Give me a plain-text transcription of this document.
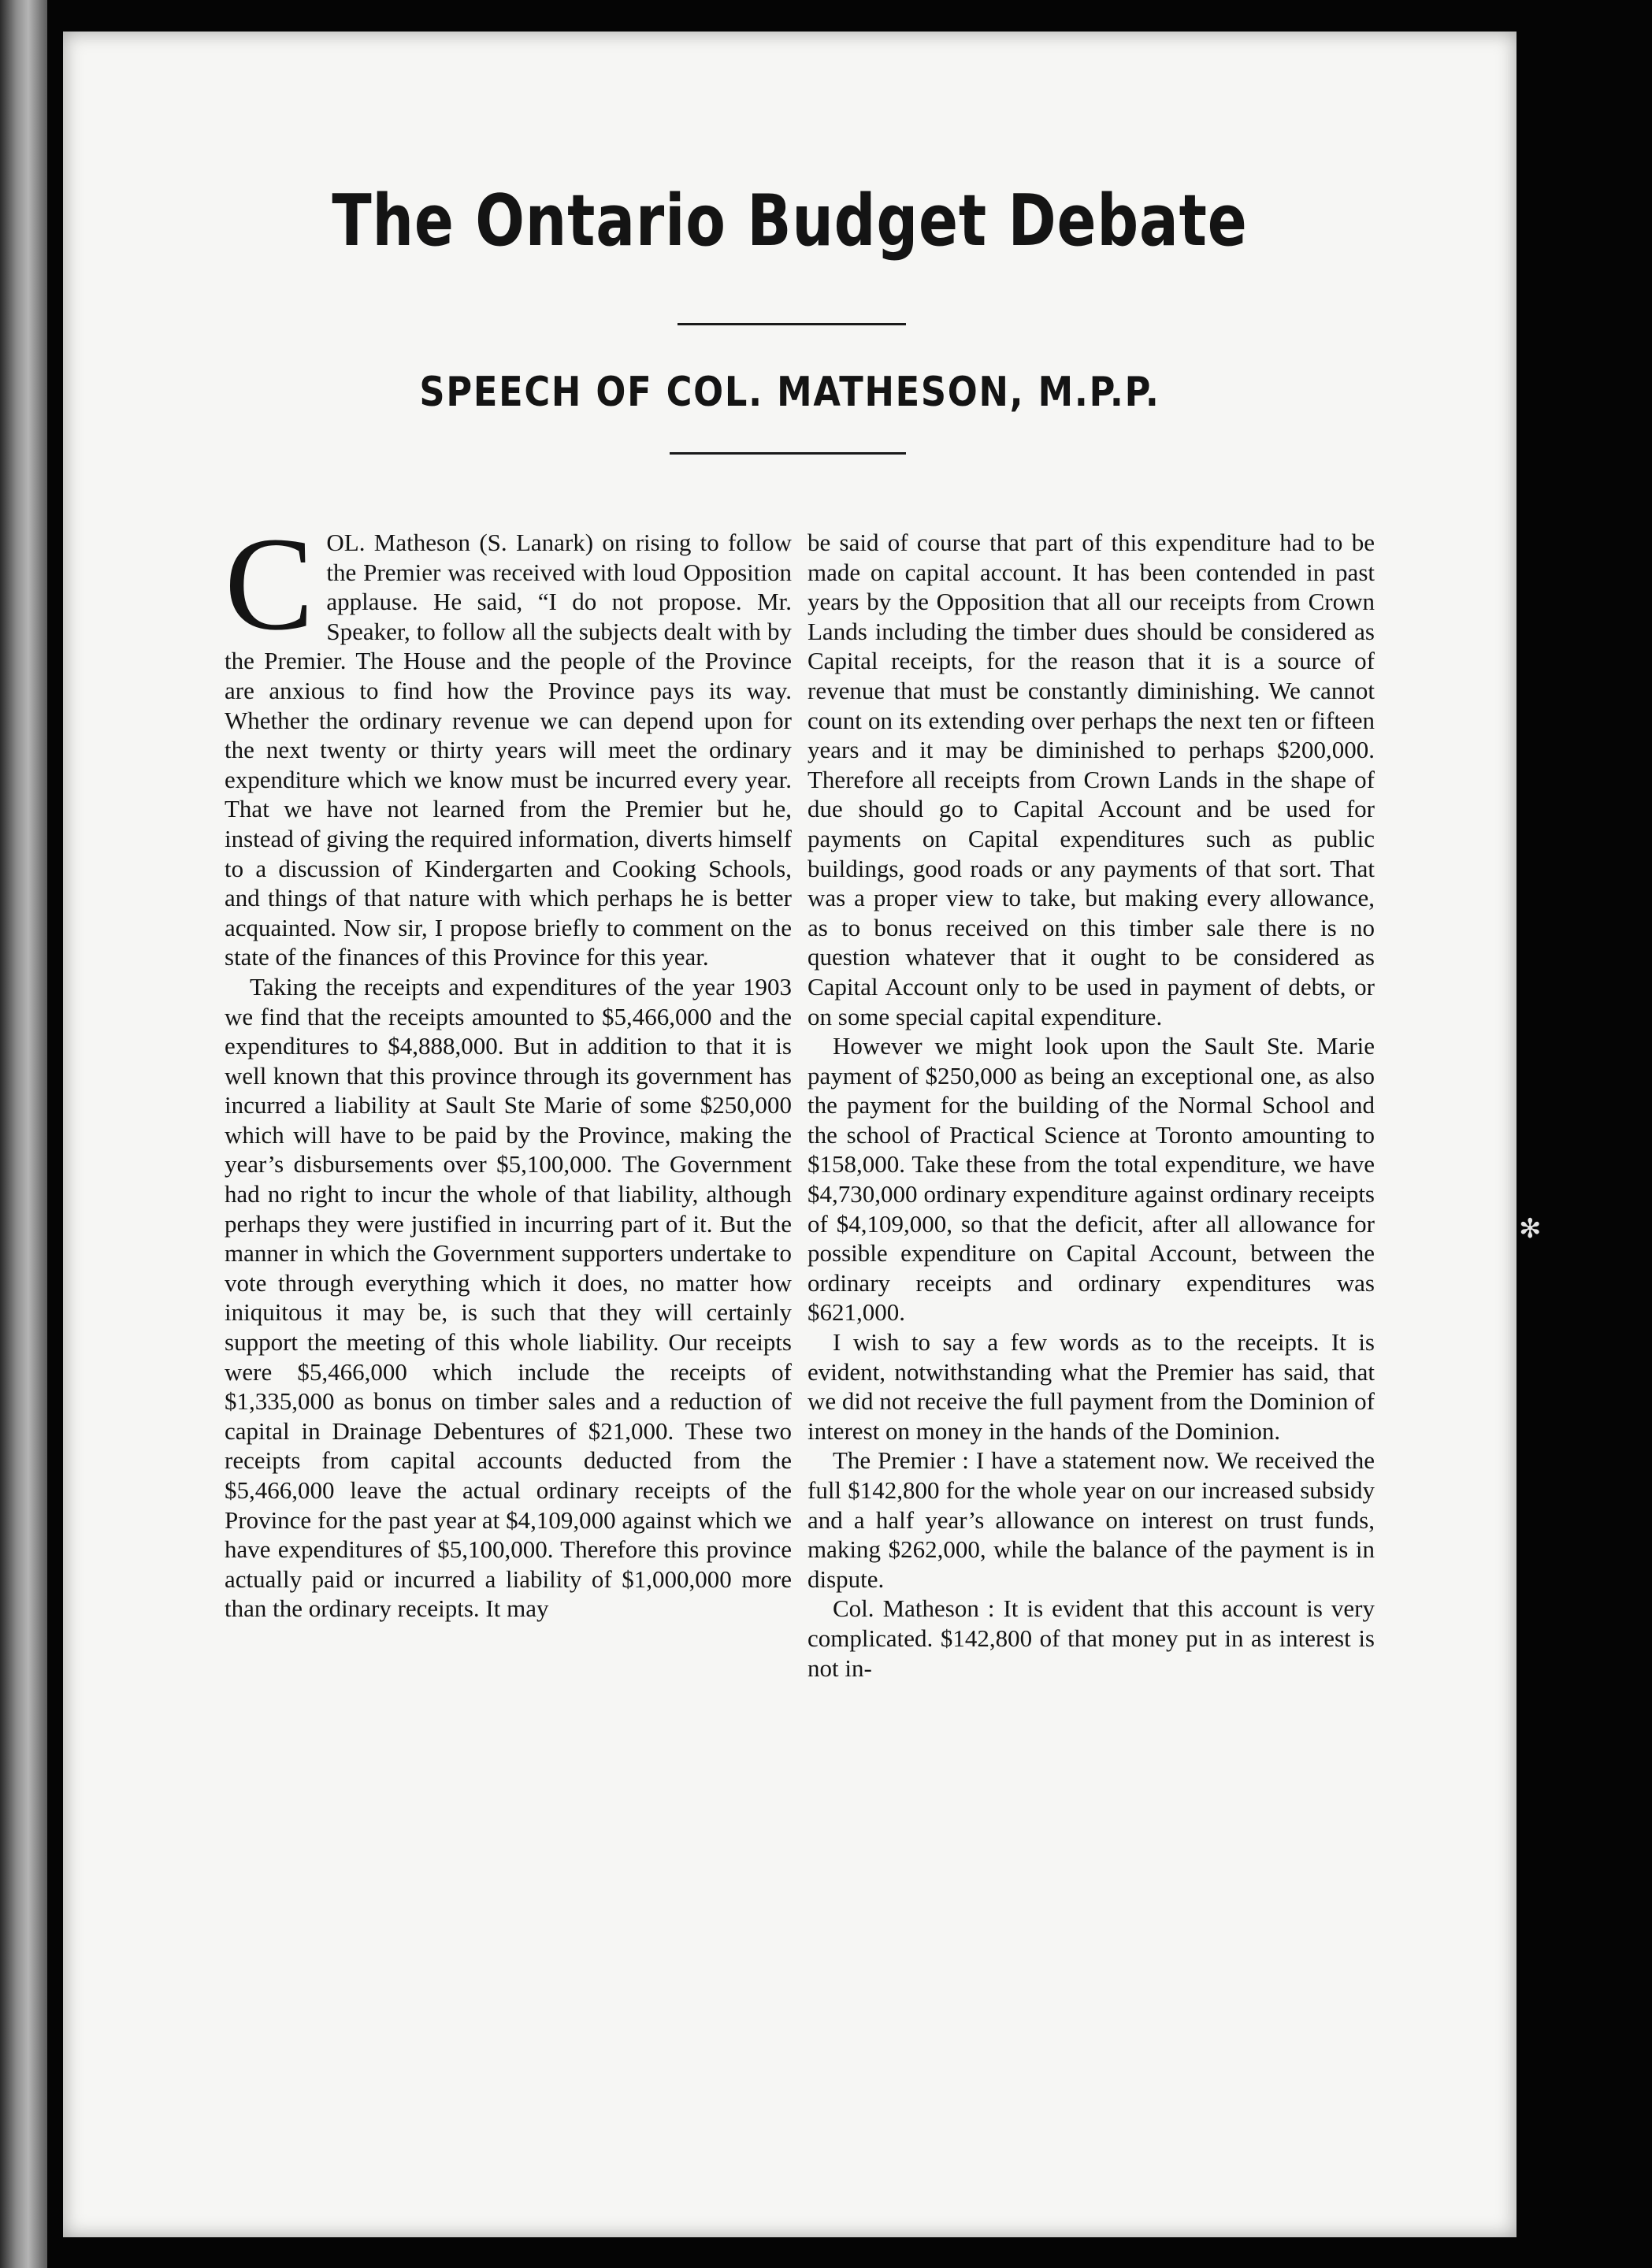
The Ontario Budget Debate
SPEECH OF COL. MATHESON, M.P.P.

COL. Matheson (S. Lanark) on rising to follow the Premier was received with loud Opposition applause. He said, “I do not propose. Mr. Speaker, to follow all the subjects dealt with by the Premier. The House and the people of the Province are anxious to find how the Province pays its way. Whether the ordinary revenue we can depend upon for the next twenty or thirty years will meet the ordinary expenditure which we know must be incurred every year. That we have not learned from the Premier but he, instead of giving the required information, diverts himself to a discussion of Kindergarten and Cooking Schools, and things of that nature with which perhaps he is better acquainted. Now sir, I propose briefly to comment on the state of the finances of this Province for this year.

Taking the receipts and expenditures of the year 1903 we find that the receipts amounted to $5,466,000 and the expenditures to $4,888,000. But in addition to that it is well known that this province through its government has incurred a liability at Sault Ste Marie of some $250,000 which will have to be paid by the Province, making the year’s disbursements over $5,100,000. The Government had no right to incur the whole of that liability, although perhaps they were justified in incurring part of it. But the manner in which the Government supporters undertake to vote through everything which it does, no matter how iniquitous it may be, is such that they will certainly support the meeting of this whole liability. Our receipts were $5,466,000 which include the receipts of $1,335,000 as bonus on timber sales and a reduction of capital in Drainage Debentures of $21,000. These two receipts from capital accounts deducted from the $5,466,000 leave the actual ordinary receipts of the Province for the past year at $4,109,000 against which we have expenditures of $5,100,000. Therefore this province actually paid or incurred a liability of $1,000,000 more than the ordinary receipts. It may

be said of course that part of this expenditure had to be made on capital account. It has been contended in past years by the Opposition that all our receipts from Crown Lands including the timber dues should be considered as Capital receipts, for the reason that it is a source of revenue that must be constantly diminishing. We cannot count on its extending over perhaps the next ten or fifteen years and it may be diminished to perhaps $200,000. Therefore all receipts from Crown Lands in the shape of due should go to Capital Account and be used for payments on Capital expenditures such as public buildings, good roads or any payments of that sort. That was a proper view to take, but making every allowance, as to bonus received on this timber sale there is no question whatever that it ought to be considered as Capital Account only to be used in payment of debts, or on some special capital expenditure.

However we might look upon the Sault Ste. Marie payment of $250,000 as being an exceptional one, as also the payment for the building of the Normal School and the school of Practical Science at Toronto amounting to $158,000. Take these from the total expenditure, we have $4,730,000 ordinary expenditure against ordinary receipts of $4,109,000, so that the deficit, after all allowance for possible expenditure on Capital Account, between the ordinary receipts and ordinary expenditures was $621,000.

I wish to say a few words as to the receipts. It is evident, notwithstanding what the Premier has said, that we did not receive the full payment from the Dominion of interest on money in the hands of the Dominion.

The Premier : I have a statement now. We received the full $142,800 for the whole year on our increased subsidy and a half year’s allowance on interest on trust funds, making $262,000, while the balance of the payment is in dispute.

Col. Matheson : It is evident that this account is very complicated. $142,800 of that money put in as interest is not in-

✻
